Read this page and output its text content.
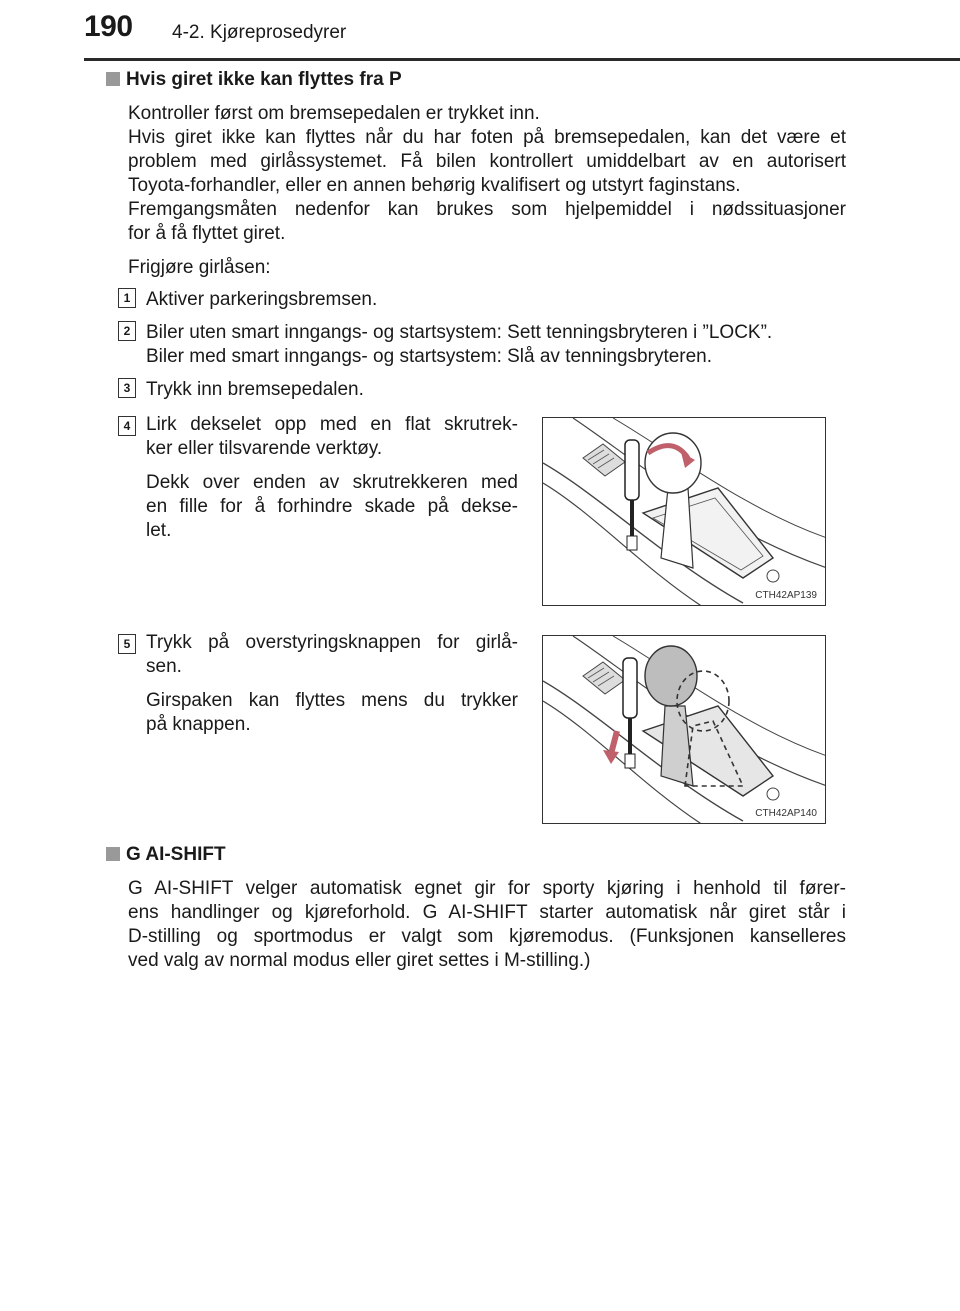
190 4-2. Kjøreprosedyrer
Hvis giret ikke kan flyttes fra P

Kontroller først om bremsepedalen er trykket inn.
Hvis giret ikke kan flyttes når du har foten på bremsepedalen, kan det være et
problem med girlåssystemet. Få bilen kontrollert umiddelbart av en autorisert
Toyota-forhandler, eller en annen behørig kvalifisert og utstyrt faginstans.
Fremgangsmåten nedenfor kan brukes som hjelpemiddel i nødssituasjoner
for å få flyttet giret.

Frigjøre girlåsen:
1 Aktiver parkeringsbremsen.
2 Biler uten smart inngangs- og startsystem: Sett tenningsbryteren i ”LOCK”.
Biler med smart inngangs- og startsystem: Slå av tenningsbryteren.
3 Trykk inn bremsepedalen.
4 Lirk dekselet opp med en flat skrutrek-
ker eller tilsvarende verktøy.
Dekk over enden av skrutrekkeren med
en fille for å forhindre skade på dekse-
let.
CTH42AP139
5 Trykk på overstyringsknappen for girlå-
sen.
Girspaken kan flyttes mens du trykker
på knappen.
CTH42AP140
G AI-SHIFT

G AI-SHIFT velger automatisk egnet gir for sporty kjøring i henhold til fører-
ens handlinger og kjøreforhold. G AI-SHIFT starter automatisk når giret står i
D-stilling og sportmodus er valgt som kjøremodus. (Funksjonen kanselleres
ved valg av normal modus eller giret settes i M-stilling.)
